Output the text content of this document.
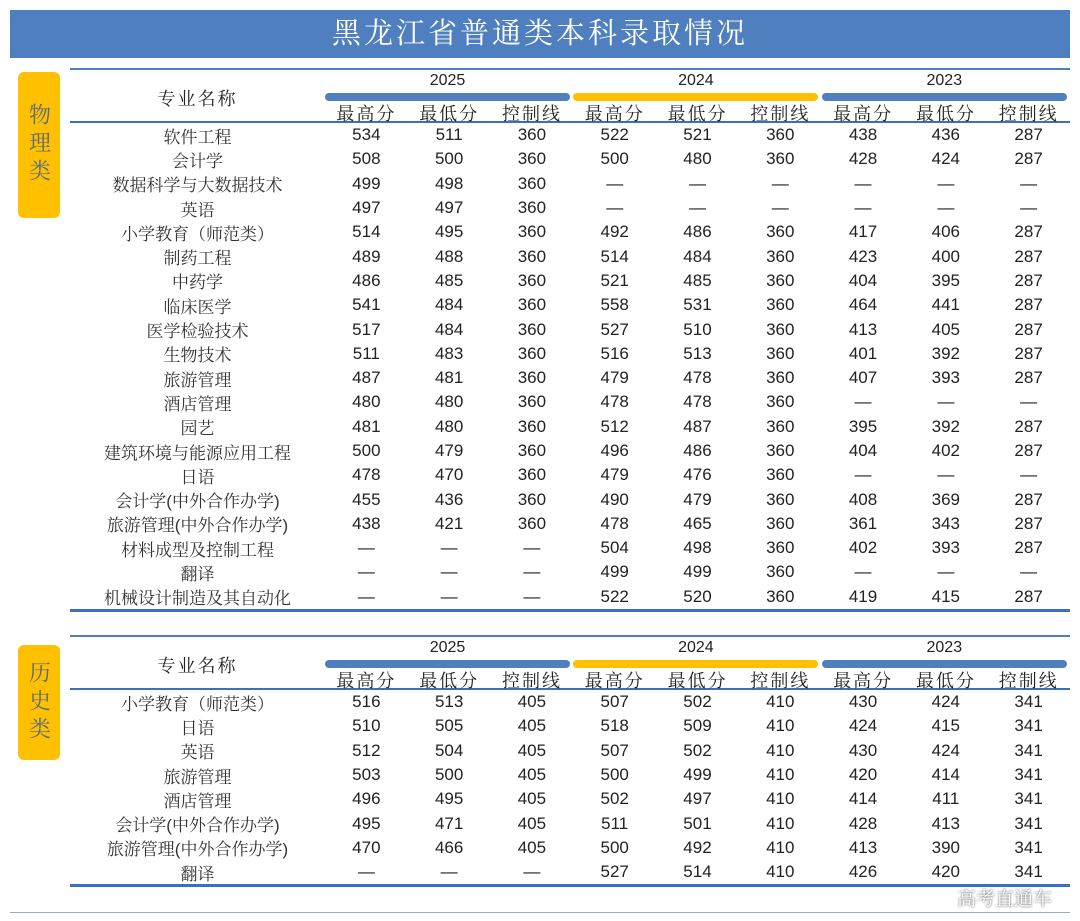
黑龙江省普通类本科录取情况
物理类
专业名称
2025
最高分	最低分	控制线
2024
最高分	最低分	控制线
2023
最高分	最低分	控制线
软件工程	534	511	360	522	521	360	438	436	287
会计学	508	500	360	500	480	360	428	424	287
数据科学与大数据技术	499	498	360	—	—	—	—	—	—
英语	497	497	360	—	—	—	—	—	—
小学教育（师范类）	514	495	360	492	486	360	417	406	287
制药工程	489	488	360	514	484	360	423	400	287
中药学	486	485	360	521	485	360	404	395	287
临床医学	541	484	360	558	531	360	464	441	287
医学检验技术	517	484	360	527	510	360	413	405	287
生物技术	511	483	360	516	513	360	401	392	287
旅游管理	487	481	360	479	478	360	407	393	287
酒店管理	480	480	360	478	478	360	—	—	—
园艺	481	480	360	512	487	360	395	392	287
建筑环境与能源应用工程	500	479	360	496	486	360	404	402	287
日语	478	470	360	479	476	360	—	—	—
会计学(中外合作办学)	455	436	360	490	479	360	408	369	287
旅游管理(中外合作办学)	438	421	360	478	465	360	361	343	287
材料成型及控制工程	—	—	—	504	498	360	402	393	287
翻译	—	—	—	499	499	360	—	—	—
机械设计制造及其自动化	—	—	—	522	520	360	419	415	287
历史类	专业名称
2025
最高分	最低分	控制线
2024
最高分	最低分	控制线
2023
最高分	最低分	控制线
小学教育（师范类）	516	513	405	507	502	410	430	424	341
日语	510	505	405	518	509	410	424	415	341
英语	512	504	405	507	502	410	430	424	341
旅游管理	503	500	405	500	499	410	420	414	341
酒店管理	496	495	405	502	497	410	414	411	341
会计学(中外合作办学)	495	471	405	511	501	410	428	413	341
旅游管理(中外合作办学)	470	466	405	500	492	410	413	390	341
翻译	—	—	—	527	514	410	426	420	341
高考直通车
